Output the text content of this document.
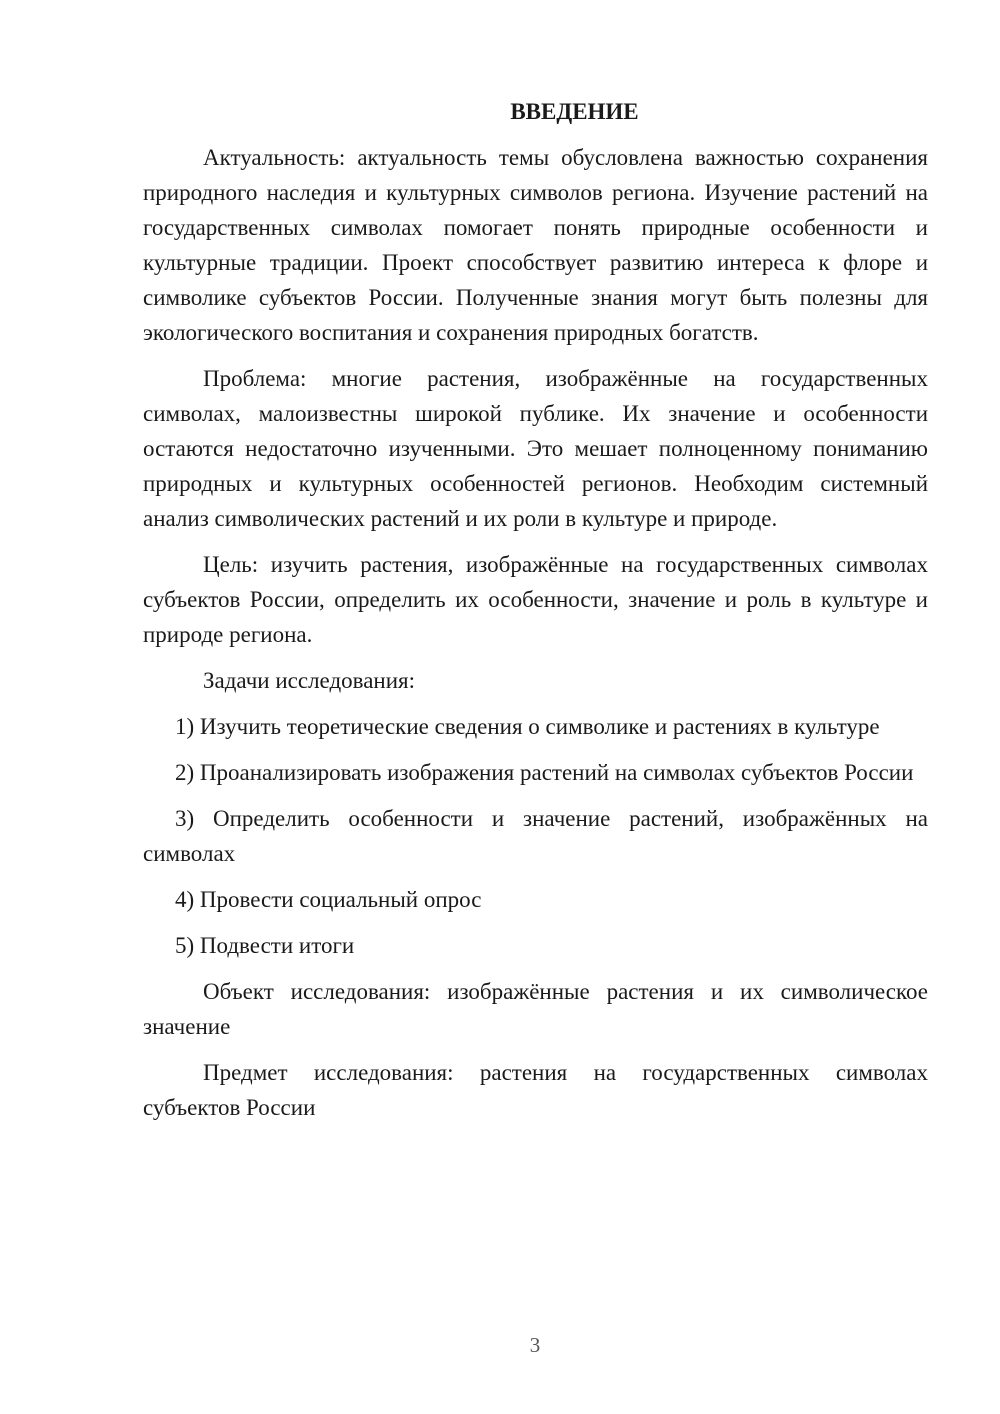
ВВЕДЕНИЕ

Актуальность: актуальность темы обусловлена важностью сохранения природного наследия и культурных символов региона. Изучение растений на государственных символах помогает понять природные особенности и культурные традиции. Проект способствует развитию интереса к флоре и символике субъектов России. Полученные знания могут быть полезны для экологического воспитания и сохранения природных богатств.

Проблема: многие растения, изображённые на государственных символах, малоизвестны широкой публике. Их значение и особенности остаются недостаточно изученными. Это мешает полноценному пониманию природных и культурных особенностей регионов. Необходим системный анализ символических растений и их роли в культуре и природе.

Цель: изучить растения, изображённые на государственных символах субъектов России, определить их особенности, значение и роль в культуре и природе региона.

Задачи исследования:

1) Изучить теоретические сведения о символике и растениях в культуре

2) Проанализировать изображения растений на символах субъектов России

3) Определить особенности и значение растений, изображённых на символах

4) Провести социальный опрос

5) Подвести итоги

Объект исследования: изображённые растения и их символическое значение

Предмет исследования: растения на государственных символах субъектов России

3
